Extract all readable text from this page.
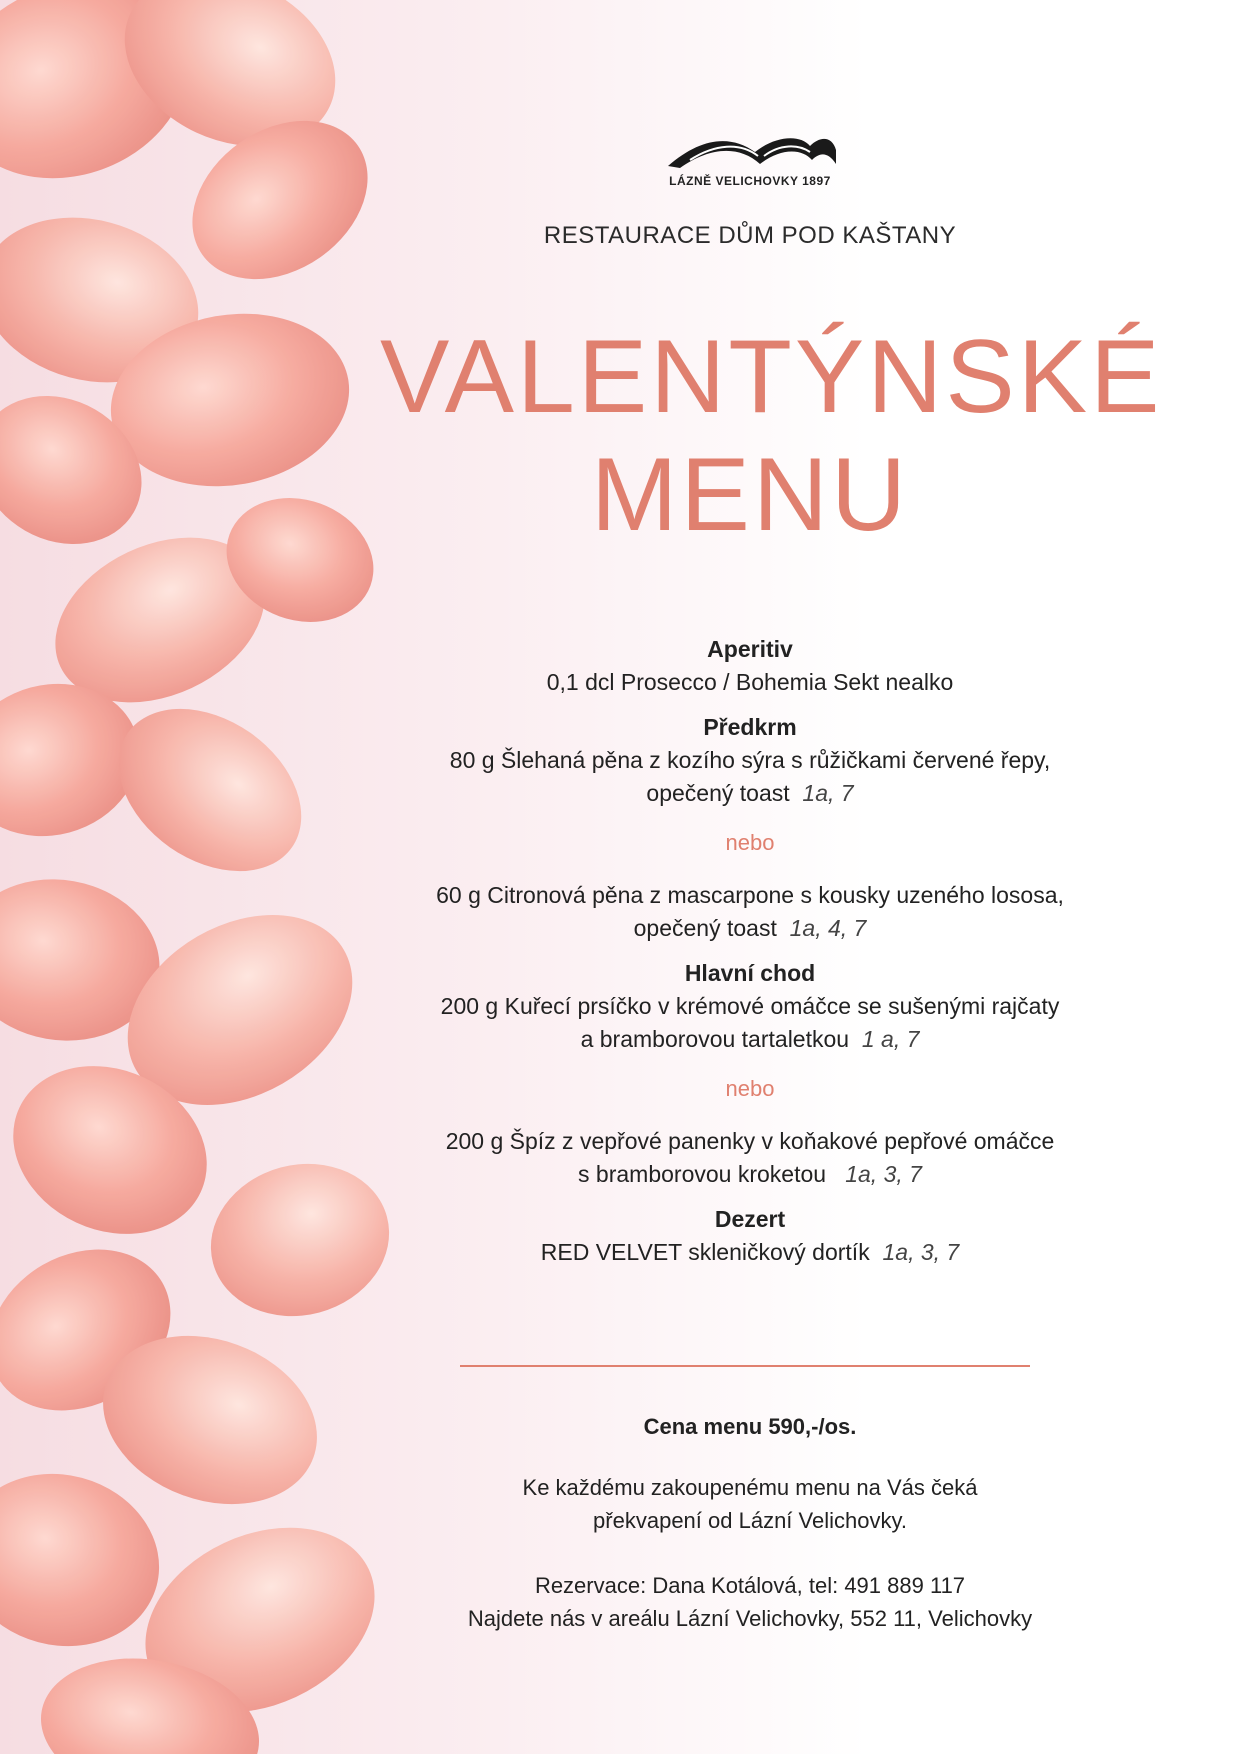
LÁZNĚ VELICHOVKY 1897
RESTAURACE DŮM POD KAŠTANY
VALENTÝNSKÉ
MENU
Aperitiv
0,1 dcl Prosecco / Bohemia Sekt nealko
Předkrm
80 g Šlehaná pěna z kozího sýra s růžičkami červené řepy,
opečený toast 1a, 7
nebo
60 g Citronová pěna z mascarpone s kousky uzeného lososa,
opečený toast 1a, 4, 7
Hlavní chod
200 g Kuřecí prsíčko v krémové omáčce se sušenými rajčaty
a bramborovou tartaletkou 1 a, 7
nebo
200 g Špíz z vepřové panenky v koňakové pepřové omáčce
s bramborovou kroketou 1a, 3, 7
Dezert
RED VELVET skleničkový dortík 1a, 3, 7
Cena menu 590,-/os.
Ke každému zakoupenému menu na Vás čeká
překvapení od Lázní Velichovky.
Rezervace: Dana Kotálová, tel: 491 889 117
Najdete nás v areálu Lázní Velichovky, 552 11, Velichovky
